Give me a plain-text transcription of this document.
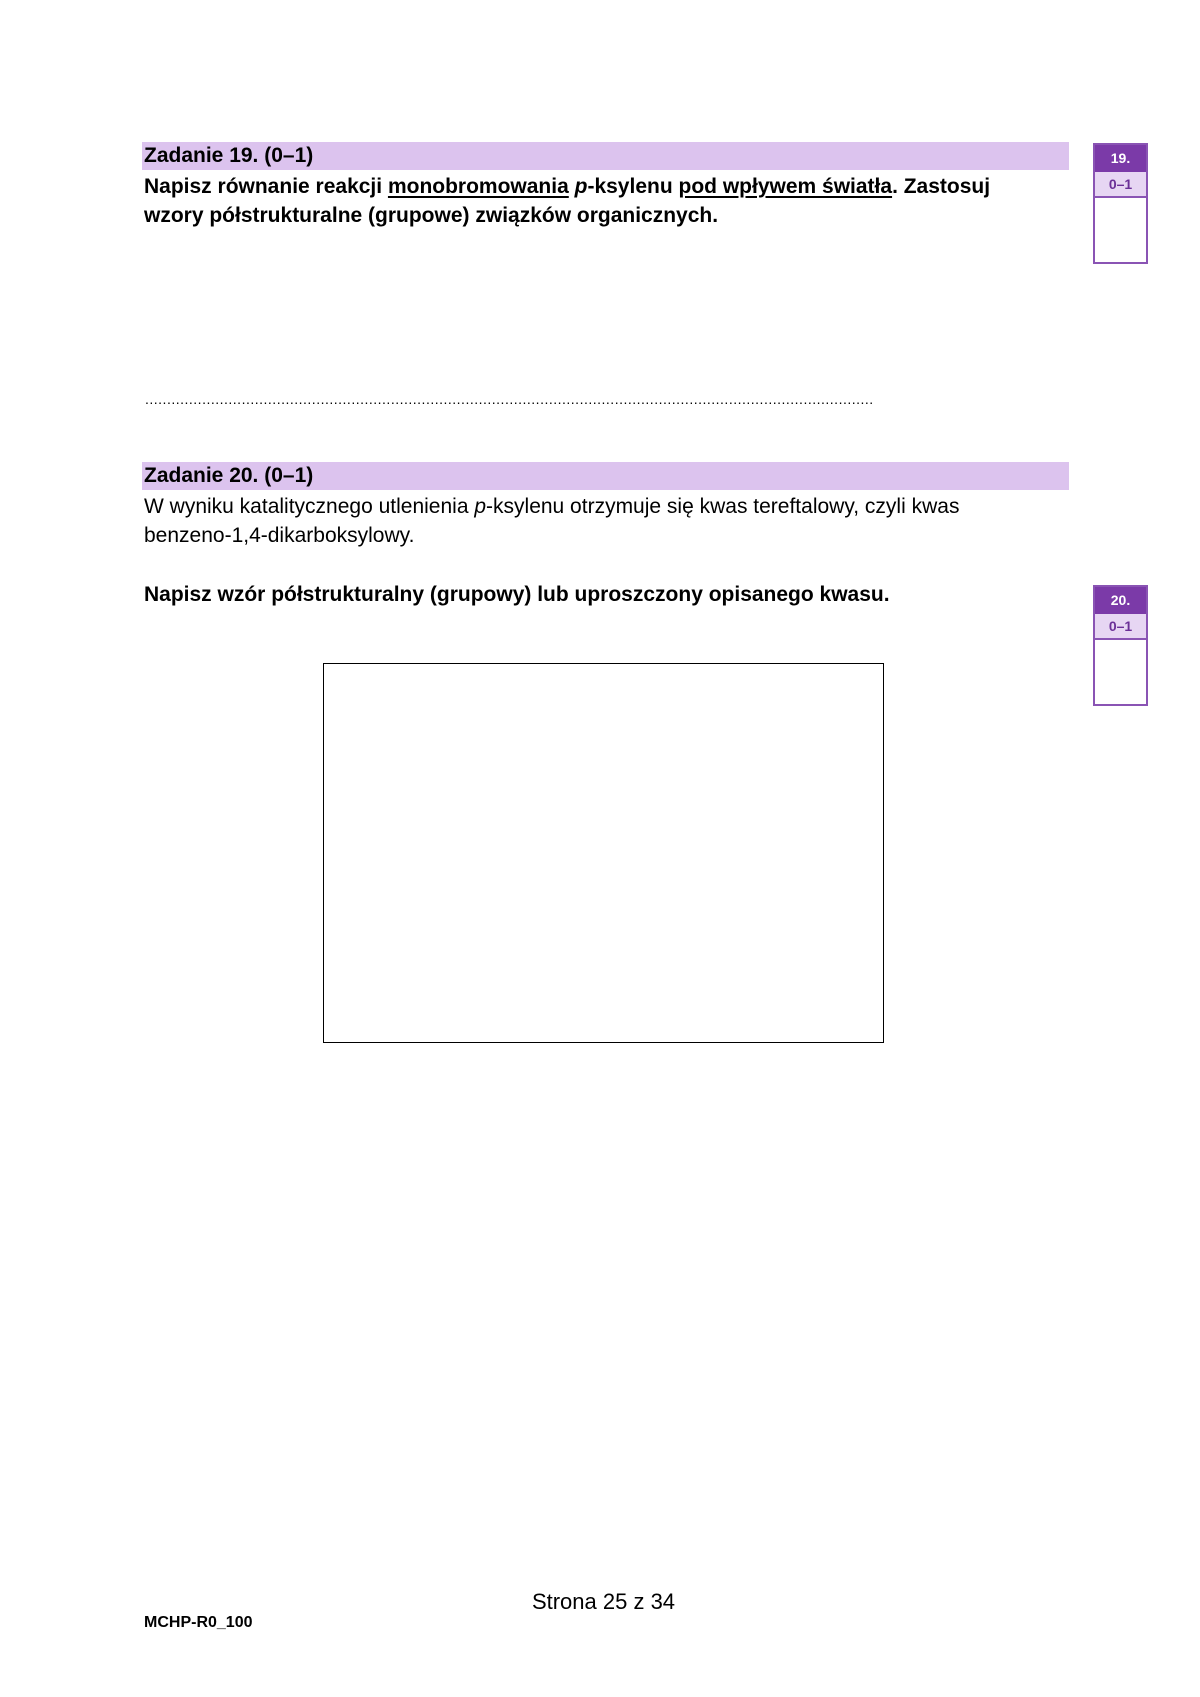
Zadanie 19. (0–1)
Napisz równanie reakcji monobromowania p-ksylenu pod wpływem światła. Zastosuj
wzory półstrukturalne (grupowe) związków organicznych.
......................................................................................................................................................................
19.
0–1
Zadanie 20. (0–1)
W wyniku katalitycznego utlenienia p-ksylenu otrzymuje się kwas tereftalowy, czyli kwas
benzeno-1,4-dikarboksylowy.
Napisz wzór półstrukturalny (grupowy) lub uproszczony opisanego kwasu.	20.
0–1
Strona 25 z 34
MCHP-R0_100
